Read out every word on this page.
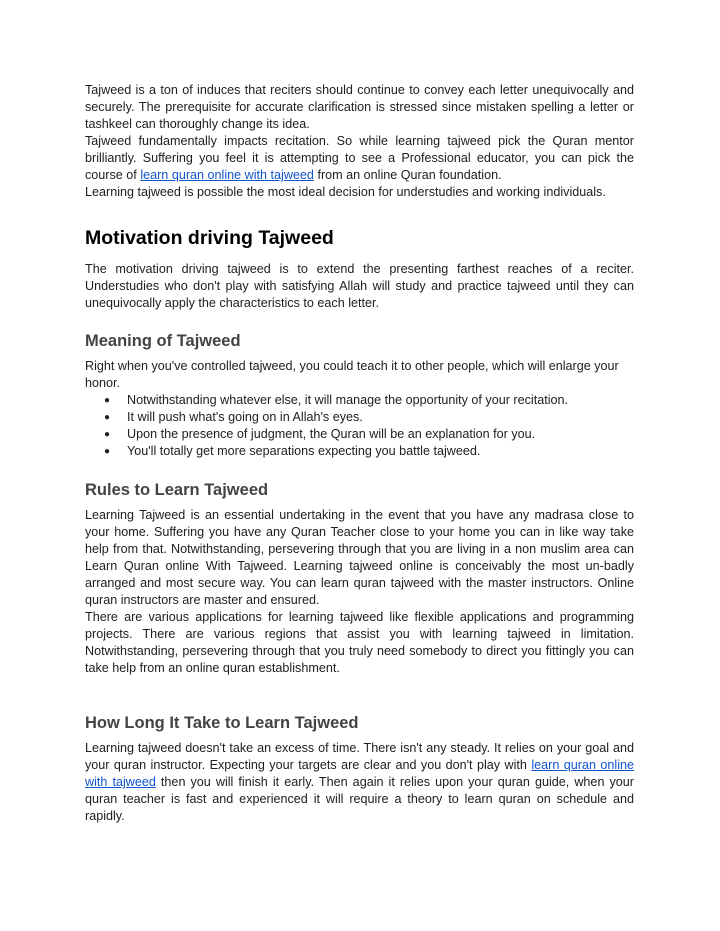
Tajweed is a ton of induces that reciters should continue to convey each letter unequivocally and securely. The prerequisite for accurate clarification is stressed since mistaken spelling a letter or tashkeel can thoroughly change its idea.

Tajweed fundamentally impacts recitation. So while learning tajweed pick the Quran mentor brilliantly. Suffering you feel it is attempting to see a Professional educator, you can pick the course of learn quran online with tajweed from an online Quran foundation.

Learning tajweed is possible the most ideal decision for understudies and working individuals.

Motivation driving Tajweed

The motivation driving tajweed is to extend the presenting farthest reaches of a reciter. Understudies who don't play with satisfying Allah will study and practice tajweed until they can unequivocally apply the characteristics to each letter.

Meaning of Tajweed

Right when you've controlled tajweed, you could teach it to other people, which will enlarge your honor.

● Notwithstanding whatever else, it will manage the opportunity of your recitation.
● It will push what's going on in Allah's eyes.
● Upon the presence of judgment, the Quran will be an explanation for you.
● You'll totally get more separations expecting you battle tajweed.
Rules to Learn Tajweed

Learning Tajweed is an essential undertaking in the event that you have any madrasa close to your home. Suffering you have any Quran Teacher close to your home you can in like way take help from that. Notwithstanding, persevering through that you are living in a non muslim area can Learn Quran online With Tajweed. Learning tajweed online is conceivably the most un-badly arranged and most secure way. You can learn quran tajweed with the master instructors. Online quran instructors are master and ensured.

There are various applications for learning tajweed like flexible applications and programming projects. There are various regions that assist you with learning tajweed in limitation. Notwithstanding, persevering through that you truly need somebody to direct you fittingly you can take help from an online quran establishment.

How Long It Take to Learn Tajweed

Learning tajweed doesn't take an excess of time. There isn't any steady. It relies on your goal and your quran instructor. Expecting your targets are clear and you don't play with learn quran online with tajweed then you will finish it early. Then again it relies upon your quran guide, when your quran teacher is fast and experienced it will require a theory to learn quran on schedule and rapidly.
